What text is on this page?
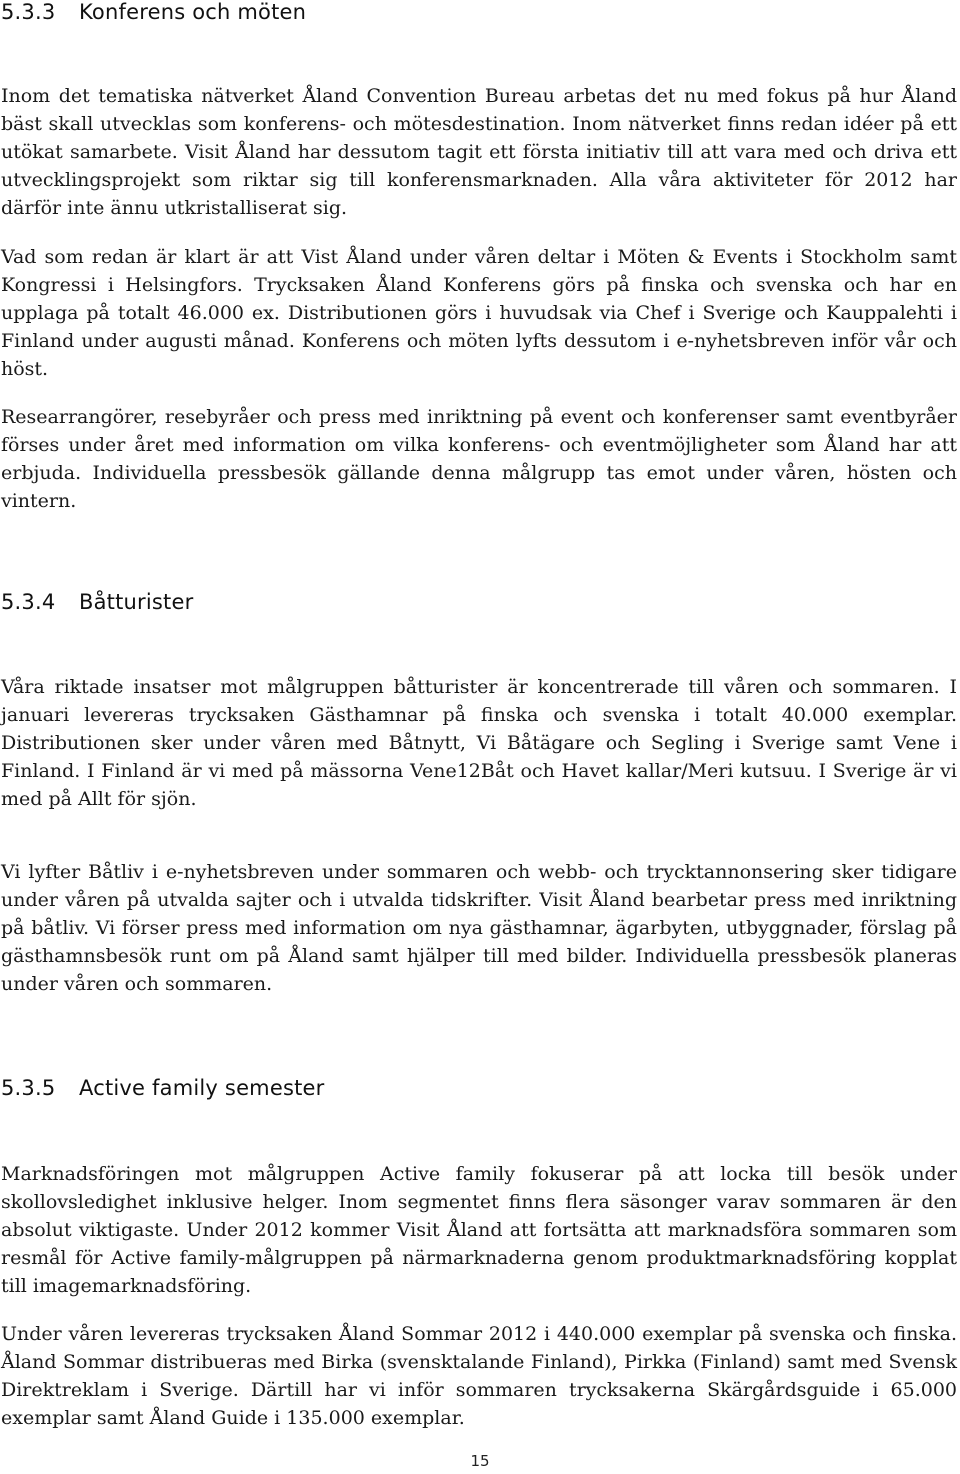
5.3.3 Konferens och möten

Inom det tematiska nätverket Åland Convention Bureau arbetas det nu med fokus på hur Åland bäst skall utvecklas som konferens- och mötesdestination. Inom nätverket finns redan idéer på ett utökat samarbete. Visit Åland har dessutom tagit ett första initiativ till att vara med och driva ett utvecklingsprojekt som riktar sig till konferensmarknaden. Alla våra aktiviteter för 2012 har därför inte ännu utkristalliserat sig.

Vad som redan är klart är att Vist Åland under våren deltar i Möten & Events i Stockholm samt Kongressi i Helsingfors. Trycksaken Åland Konferens görs på finska och svenska och har en upplaga på totalt 46.000 ex. Distributionen görs i huvudsak via Chef i Sverige och Kauppalehti i Finland under augusti månad. Konferens och möten lyfts dessutom i e-nyhetsbreven inför vår och höst.

Researrangörer, resebyråer och press med inriktning på event och konferenser samt eventbyråer förses under året med information om vilka konferens- och eventmöjligheter som Åland har att erbjuda. Individuella pressbesök gällande denna målgrupp tas emot under våren, hösten och vintern.

5.3.4 Båtturister

Våra riktade insatser mot målgruppen båtturister är koncentrerade till våren och sommaren. I januari levereras trycksaken Gästhamnar på finska och svenska i totalt 40.000 exemplar. Distributionen sker under våren med Båtnytt, Vi Båtägare och Segling i Sverige samt Vene i Finland. I Finland är vi med på mässorna Vene12Båt och Havet kallar/Meri kutsuu. I Sverige är vi med på Allt för sjön.

Vi lyfter Båtliv i e-nyhetsbreven under sommaren och webb- och trycktannonsering sker tidigare under våren på utvalda sajter och i utvalda tidskrifter. Visit Åland bearbetar press med inriktning på båtliv. Vi förser press med information om nya gästhamnar, ägarbyten, utbyggnader, förslag på gästhamnsbesök runt om på Åland samt hjälper till med bilder. Individuella pressbesök planeras under våren och sommaren.

5.3.5 Active family semester

Marknadsföringen mot målgruppen Active family fokuserar på att locka till besök under skollovsledighet inklusive helger. Inom segmentet finns flera säsonger varav sommaren är den absolut viktigaste. Under 2012 kommer Visit Åland att fortsätta att marknadsföra sommaren som resmål för Active family-målgruppen på närmarknaderna genom produktmarknadsföring kopplat till imagemarknadsföring.

Under våren levereras trycksaken Åland Sommar 2012 i 440.000 exemplar på svenska och finska. Åland Sommar distribueras med Birka (svensktalande Finland), Pirkka (Finland) samt med Svensk Direktreklam i Sverige. Därtill har vi inför sommaren trycksakerna Skärgårdsguide i 65.000 exemplar samt Åland Guide i 135.000 exemplar.

15
